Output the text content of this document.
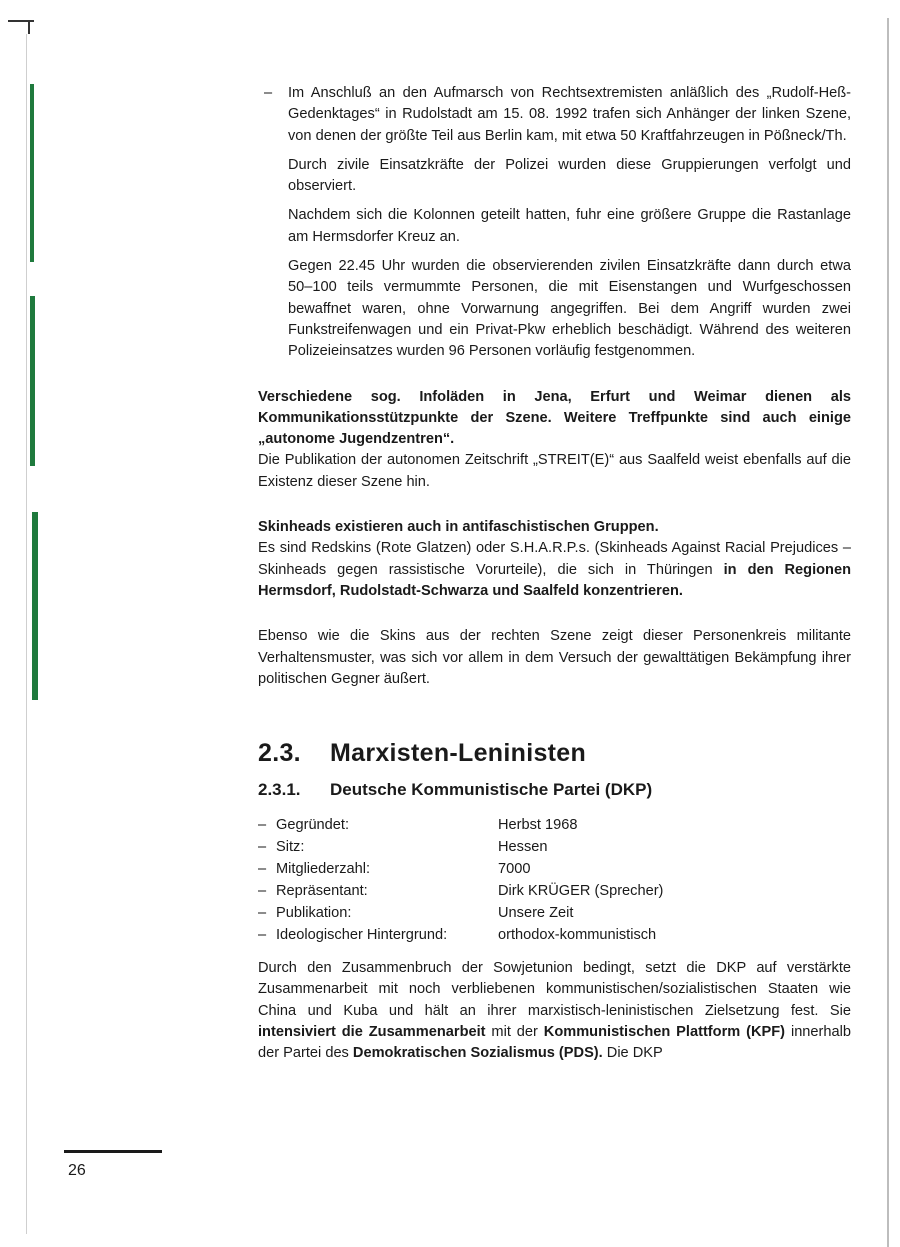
– Im Anschluß an den Aufmarsch von Rechtsextremisten anläßlich des „Rudolf-Heß-Gedenktages“ in Rudolstadt am 15. 08. 1992 trafen sich Anhänger der linken Szene, von denen der größte Teil aus Berlin kam, mit etwa 50 Kraftfahrzeugen in Pößneck/Th.

Durch zivile Einsatzkräfte der Polizei wurden diese Gruppierungen verfolgt und observiert.

Nachdem sich die Kolonnen geteilt hatten, fuhr eine größere Gruppe die Rastanlage am Hermsdorfer Kreuz an.

Gegen 22.45 Uhr wurden die observierenden zivilen Einsatzkräfte dann durch etwa 50–100 teils vermummte Personen, die mit Eisenstangen und Wurfgeschossen bewaffnet waren, ohne Vorwarnung angegriffen. Bei dem Angriff wurden zwei Funkstreifenwagen und ein Privat-Pkw erheblich beschädigt. Während des weiteren Polizeieinsatzes wurden 96 Personen vorläufig festgenommen.

Verschiedene sog. Infoläden in Jena, Erfurt und Weimar dienen als Kommunikationsstützpunkte der Szene. Weitere Treffpunkte sind auch einige „autonome Jugendzentren“.
Die Publikation der autonomen Zeitschrift „STREIT(E)“ aus Saalfeld weist ebenfalls auf die Existenz dieser Szene hin.

Skinheads existieren auch in antifaschistischen Gruppen.
Es sind Redskins (Rote Glatzen) oder S.H.A.R.P.s. (Skinheads Against Racial Prejudices – Skinheads gegen rassistische Vorurteile), die sich in Thüringen in den Regionen Hermsdorf, Rudolstadt-Schwarza und Saalfeld konzentrieren.

Ebenso wie die Skins aus der rechten Szene zeigt dieser Personenkreis militante Verhaltensmuster, was sich vor allem in dem Versuch der gewalttätigen Bekämpfung ihrer politischen Gegner äußert.

2.3. Marxisten-Leninisten
2.3.1. Deutsche Kommunistische Partei (DKP)
– Gegründet:	Herbst 1968
– Sitz:	Hessen
– Mitgliederzahl:	7000
– Repräsentant:	Dirk KRÜGER (Sprecher)
– Publikation:	Unsere Zeit
– Ideologischer Hintergrund:	orthodox-kommunistisch

Durch den Zusammenbruch der Sowjetunion bedingt, setzt die DKP auf verstärkte Zusammenarbeit mit noch verbliebenen kommunistischen/sozialistischen Staaten wie China und Kuba und hält an ihrer marxistisch-leninistischen Zielsetzung fest. Sie intensiviert die Zusammenarbeit mit der Kommunistischen Plattform (KPF) innerhalb der Partei des Demokratischen Sozialismus (PDS). Die DKP

26
